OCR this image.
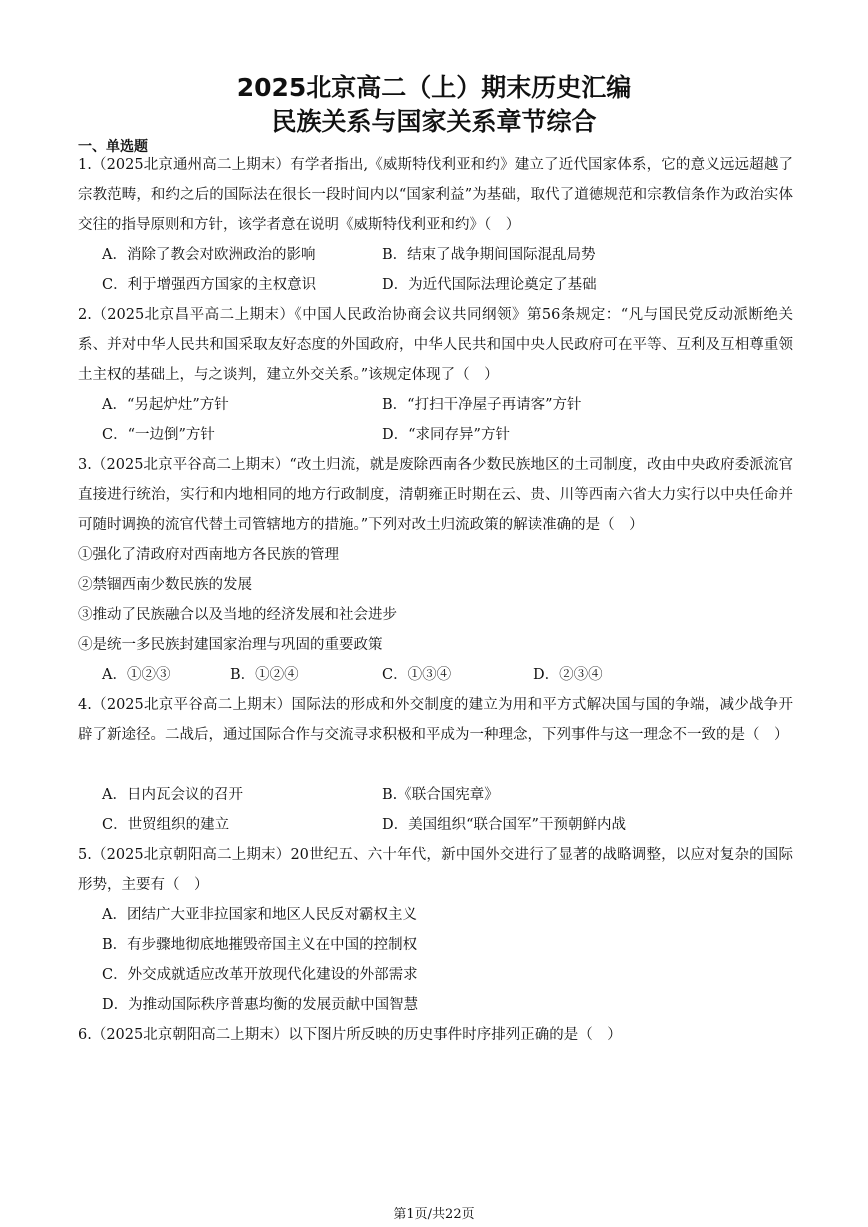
2025北京高二（上）期末历史汇编
民族关系与国家关系章节综合
一、单选题
1.（2025北京通州高二上期末）有学者指出,《威斯特伐利亚和约》建立了近代国家体系，它的意义远远超越了宗教范畴，和约之后的国际法在很长一段时间内以“国家利益”为基础，取代了道德规范和宗教信条作为政治实体交往的指导原则和方针，该学者意在说明《威斯特伐利亚和约》（　）
A．消除了教会对欧洲政治的影响	B．结束了战争期间国际混乱局势
C．利于增强西方国家的主权意识	D．为近代国际法理论奠定了基础
2.（2025北京昌平高二上期末）《中国人民政治协商会议共同纲领》第56条规定：“凡与国民党反动派断绝关系、并对中华人民共和国采取友好态度的外国政府，中华人民共和国中央人民政府可在平等、互利及互相尊重领土主权的基础上，与之谈判，建立外交关系。”该规定体现了（　）
A．“另起炉灶”方针	B．“打扫干净屋子再请客”方针
C．“一边倒”方针	D．“求同存异”方针
3.（2025北京平谷高二上期末）“改土归流，就是废除西南各少数民族地区的土司制度，改由中央政府委派流官直接进行统治，实行和内地相同的地方行政制度，清朝雍正时期在云、贵、川等西南六省大力实行以中央任命并可随时调换的流官代替土司管辖地方的措施。”下列对改土归流政策的解读准确的是（　）
①强化了清政府对西南地方各民族的管理
②禁锢西南少数民族的发展
③推动了民族融合以及当地的经济发展和社会进步
④是统一多民族封建国家治理与巩固的重要政策
A．①②③	B．①②④	C．①③④	D．②③④
4.（2025北京平谷高二上期末）国际法的形成和外交制度的建立为用和平方式解决国与国的争端，减少战争开辟了新途径。二战后，通过国际合作与交流寻求积极和平成为一种理念，下列事件与这一理念不一致的是（　）
A．日内瓦会议的召开	B.《联合国宪章》
C．世贸组织的建立	D．美国组织“联合国军”干预朝鲜内战
5.（2025北京朝阳高二上期末）20世纪五、六十年代，新中国外交进行了显著的战略调整，以应对复杂的国际形势，主要有（　）
A．团结广大亚非拉国家和地区人民反对霸权主义
B．有步骤地彻底地摧毁帝国主义在中国的控制权
C．外交成就适应改革开放现代化建设的外部需求
D．为推动国际秩序普惠均衡的发展贡献中国智慧
6.（2025北京朝阳高二上期末）以下图片所反映的历史事件时序排列正确的是（　）
第1页/共22页
